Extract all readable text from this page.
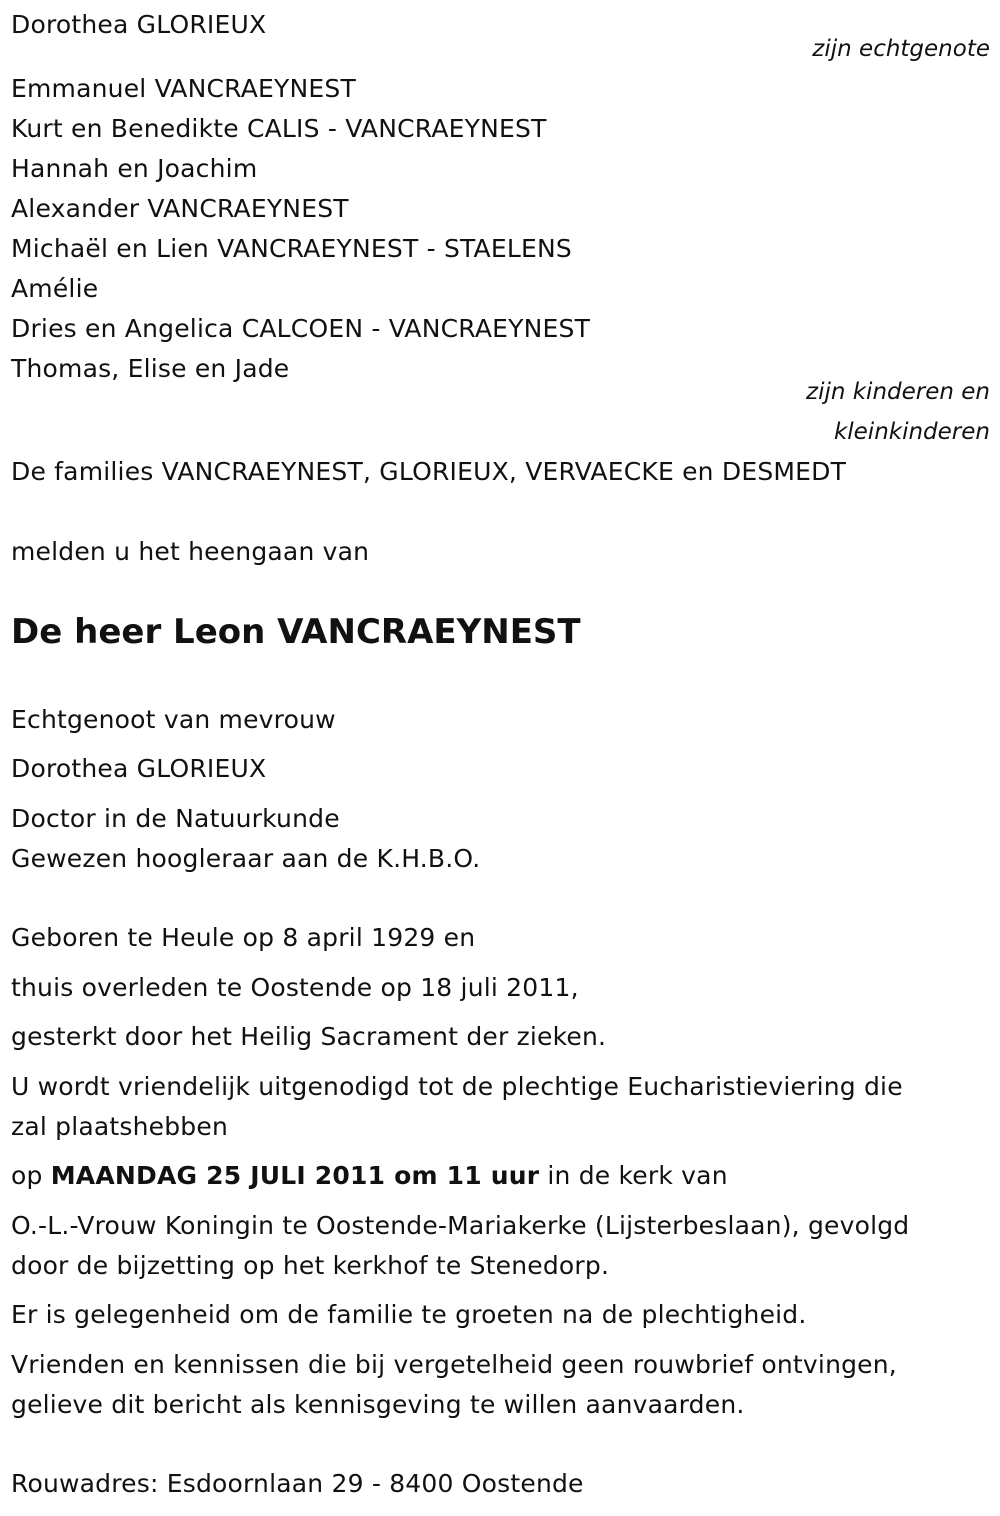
Dorothea GLORIEUX
zijn echtgenote
Emmanuel VANCRAEYNEST
Kurt en Benedikte CALIS - VANCRAEYNEST
Hannah en Joachim
Alexander VANCRAEYNEST
Michaël en Lien VANCRAEYNEST - STAELENS
Amélie
Dries en Angelica CALCOEN - VANCRAEYNEST
Thomas, Elise en Jade
zijn kinderen en
kleinkinderen
De families VANCRAEYNEST, GLORIEUX, VERVAECKE en DESMEDT
melden u het heengaan van
De heer Leon VANCRAEYNEST
Echtgenoot van mevrouw
Dorothea GLORIEUX
Doctor in de Natuurkunde
Gewezen hoogleraar aan de K.H.B.O.
Geboren te Heule op 8 april 1929 en
thuis overleden te Oostende op 18 juli 2011,
gesterkt door het Heilig Sacrament der zieken.
U wordt vriendelijk uitgenodigd tot de plechtige Eucharistieviering die
zal plaatshebben
op MAANDAG 25 JULI 2011 om 11 uur in de kerk van
O.-L.-Vrouw Koningin te Oostende-Mariakerke (Lijsterbeslaan), gevolgd
door de bijzetting op het kerkhof te Stenedorp.
Er is gelegenheid om de familie te groeten na de plechtigheid.
Vrienden en kennissen die bij vergetelheid geen rouwbrief ontvingen,
gelieve dit bericht als kennisgeving te willen aanvaarden.
Rouwadres: Esdoornlaan 29 - 8400 Oostende
